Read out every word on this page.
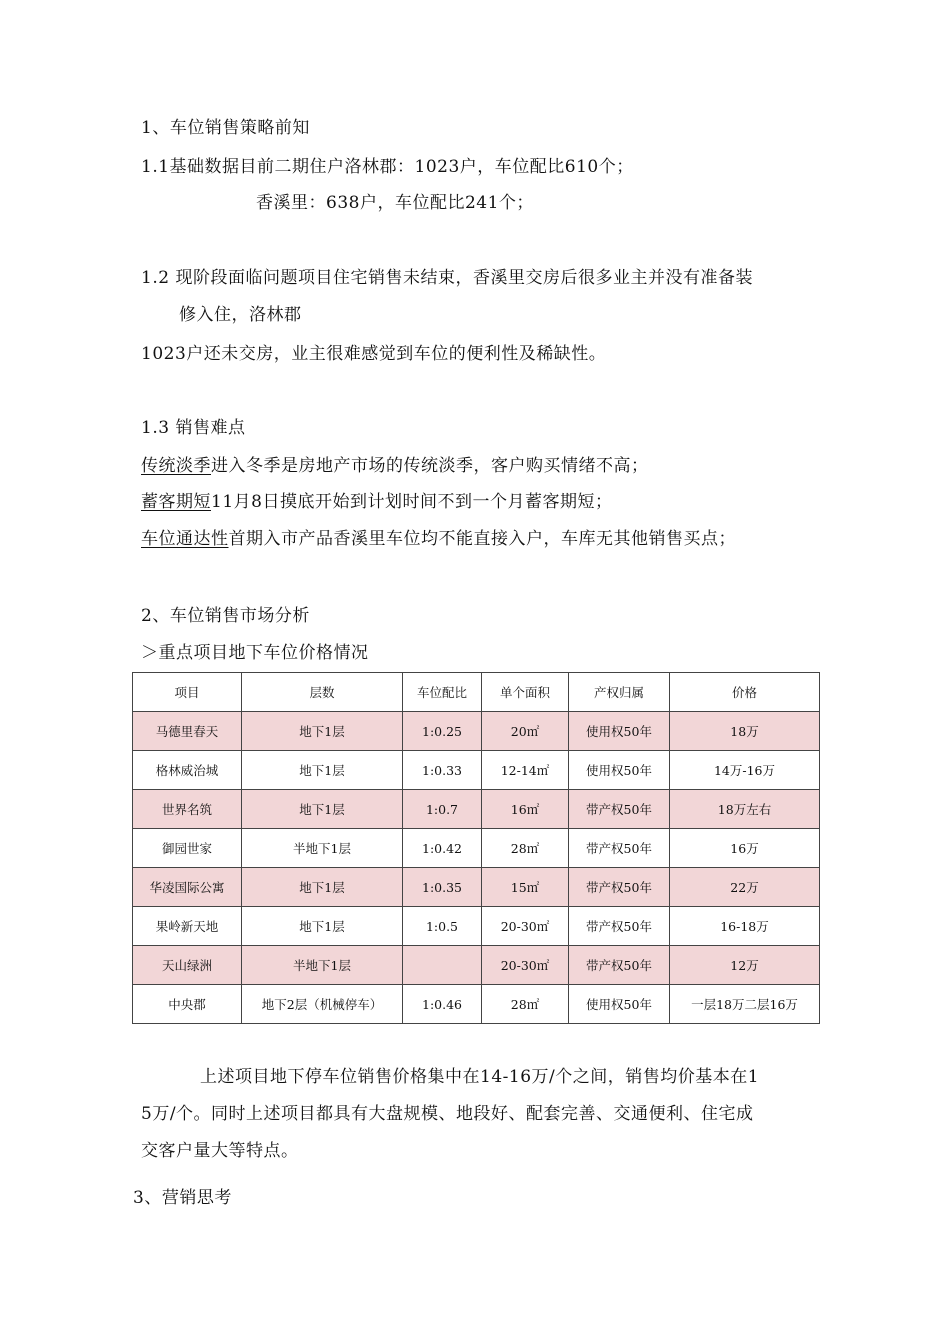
1、车位销售策略前知
1.1基础数据目前二期住户洛林郡：1023户，车位配比610个；
香溪里：638户，车位配比241个；
1.2 现阶段面临问题项目住宅销售未结束，香溪里交房后很多业主并没有准备装
修入住，洛林郡
1023户还未交房，业主很难感觉到车位的便利性及稀缺性。
1.3 销售难点
传统淡季进入冬季是房地产市场的传统淡季，客户购买情绪不高；
蓄客期短11月8日摸底开始到计划时间不到一个月蓄客期短；
车位通达性首期入市产品香溪里车位均不能直接入户，车库无其他销售买点；
2、车位销售市场分析
＞重点项目地下车位价格情况
项目	层数	车位配比	单个面积	产权归属	价格
马德里春天	地下1层	1:0.25	20㎡	使用权50年	18万
格林威治城	地下1层	1:0.33	12-14㎡	使用权50年	14万-16万
世界名筑	地下1层	1:0.7	16㎡	带产权50年	18万左右
御园世家	半地下1层	1:0.42	28㎡	带产权50年	16万
华凌国际公寓	地下1层	1:0.35	15㎡	带产权50年	22万
果岭新天地	地下1层	1:0.5	20-30㎡	带产权50年	16-18万
天山绿洲	半地下1层		20-30㎡	带产权50年	12万
中央郡	地下2层（机械停车）	1:0.46	28㎡	使用权50年	一层18万二层16万
上述项目地下停车位销售价格集中在14-16万/个之间，销售均价基本在1
5万/个。同时上述项目都具有大盘规模、地段好、配套完善、交通便利、住宅成
交客户量大等特点。
3、营销思考
